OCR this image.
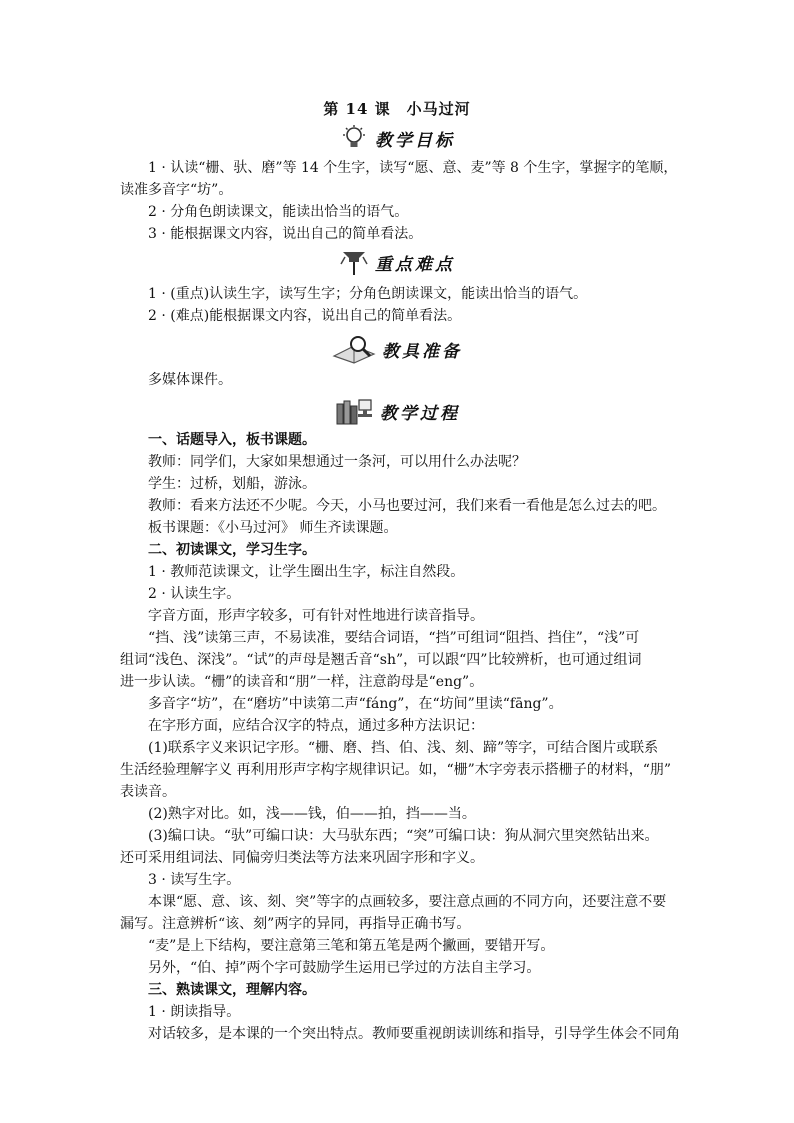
第 14 课　小马过河
教学目标
1 · 认读“栅、驮、磨”等 14 个生字，读写“愿、意、麦”等 8 个生字，掌握字的笔顺，
读准多音字“坊”。
2 · 分角色朗读课文，能读出恰当的语气。
3 · 能根据课文内容，说出自己的简单看法。
重点难点
1 · (重点)认读生字，读写生字；分角色朗读课文，能读出恰当的语气。
2 · (难点)能根据课文内容，说出自己的简单看法。
教具准备
多媒体课件。
教学过程
一、话题导入，板书课题。
教师：同学们，大家如果想通过一条河，可以用什么办法呢？
学生：过桥，划船，游泳。
教师：看来方法还不少呢。今天，小马也要过河，我们来看一看他是怎么过去的吧。
板书课题：《小马过河》 师生齐读课题。
二、初读课文，学习生字。
1 · 教师范读课文，让学生圈出生字，标注自然段。
2 · 认读生字。
字音方面，形声字较多，可有针对性地进行读音指导。
“挡、浅”读第三声，不易读准，要结合词语，“挡”可组词“阻挡、挡住”，“浅”可
组词“浅色、深浅”。“试”的声母是翘舌音“sh”，可以跟“四”比较辨析，也可通过组词
进一步认读。“栅”的读音和“朋”一样，注意韵母是“eng”。
多音字“坊”，在“磨坊”中读第二声“fáng”，在“坊间”里读“fāng”。
在字形方面，应结合汉字的特点，通过多种方法识记：
(1)联系字义来识记字形。“栅、磨、挡、伯、浅、刻、蹄”等字，可结合图片或联系
生活经验理解字义 再利用形声字构字规律识记。如，“栅”木字旁表示搭栅子的材料，“朋”
表读音。
(2)熟字对比。如，浅——钱，伯——拍，挡——当。
(3)编口诀。“驮”可编口诀：大马驮东西；“突”可编口诀：狗从洞穴里突然钻出来。
还可采用组词法、同偏旁归类法等方法来巩固字形和字义。
3 · 读写生字。
本课“愿、意、该、刻、突”等字的点画较多，要注意点画的不同方向，还要注意不要
漏写。注意辨析“该、刻”两字的异同，再指导正确书写。
“麦”是上下结构，要注意第三笔和第五笔是两个撇画，要错开写。
另外，“伯、掉”两个字可鼓励学生运用已学过的方法自主学习。
三、熟读课文，理解内容。
1 · 朗读指导。
对话较多，是本课的一个突出特点。教师要重视朗读训练和指导，引导学生体会不同角
